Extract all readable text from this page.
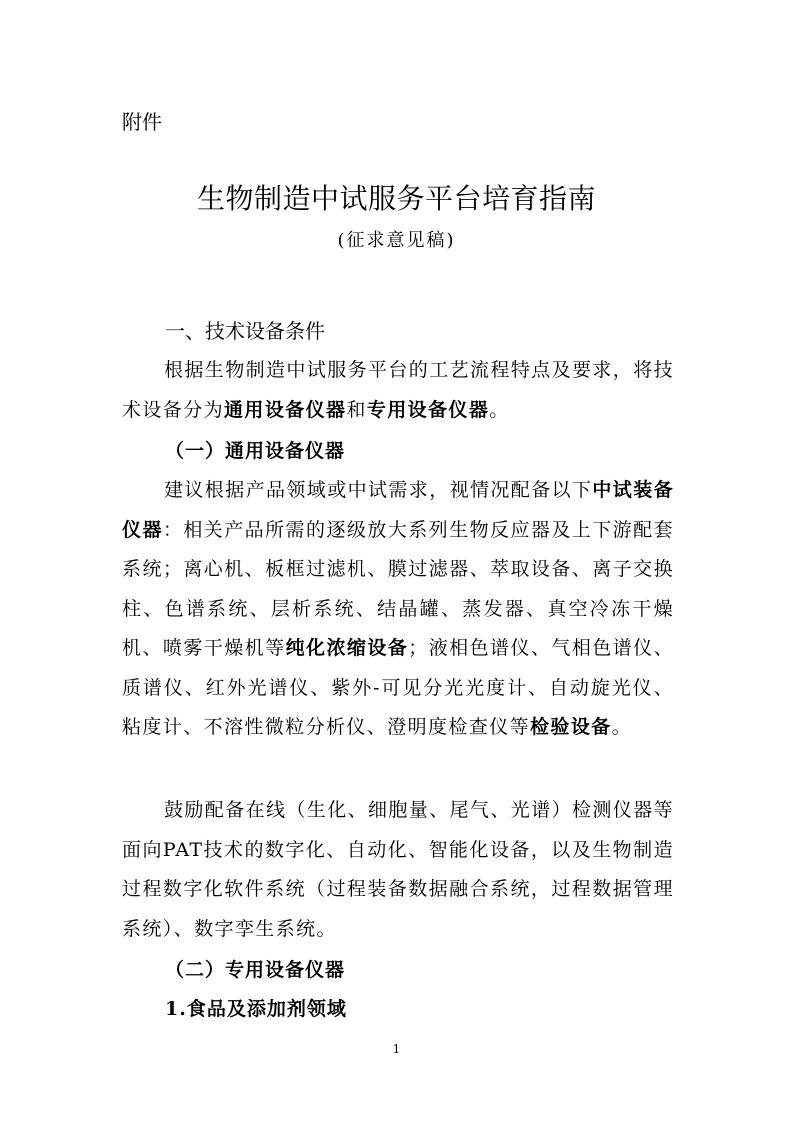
附件
生物制造中试服务平台培育指南
(征求意见稿)
一、技术设备条件
根据生物制造中试服务平台的工艺流程特点及要求，将技术设备分为通用设备仪器和专用设备仪器。
（一）通用设备仪器
建议根据产品领域或中试需求，视情况配备以下中试装备仪器：相关产品所需的逐级放大系列生物反应器及上下游配套系统；离心机、板框过滤机、膜过滤器、萃取设备、离子交换柱、色谱系统、层析系统、结晶罐、蒸发器、真空冷冻干燥机、喷雾干燥机等纯化浓缩设备；液相色谱仪、气相色谱仪、质谱仪、红外光谱仪、紫外-可见分光光度计、自动旋光仪、粘度计、不溶性微粒分析仪、澄明度检查仪等检验设备。
鼓励配备在线（生化、细胞量、尾气、光谱）检测仪器等面向PAT技术的数字化、自动化、智能化设备，以及生物制造过程数字化软件系统（过程装备数据融合系统，过程数据管理系统）、数字孪生系统。
（二）专用设备仪器
1.食品及添加剂领域
1
